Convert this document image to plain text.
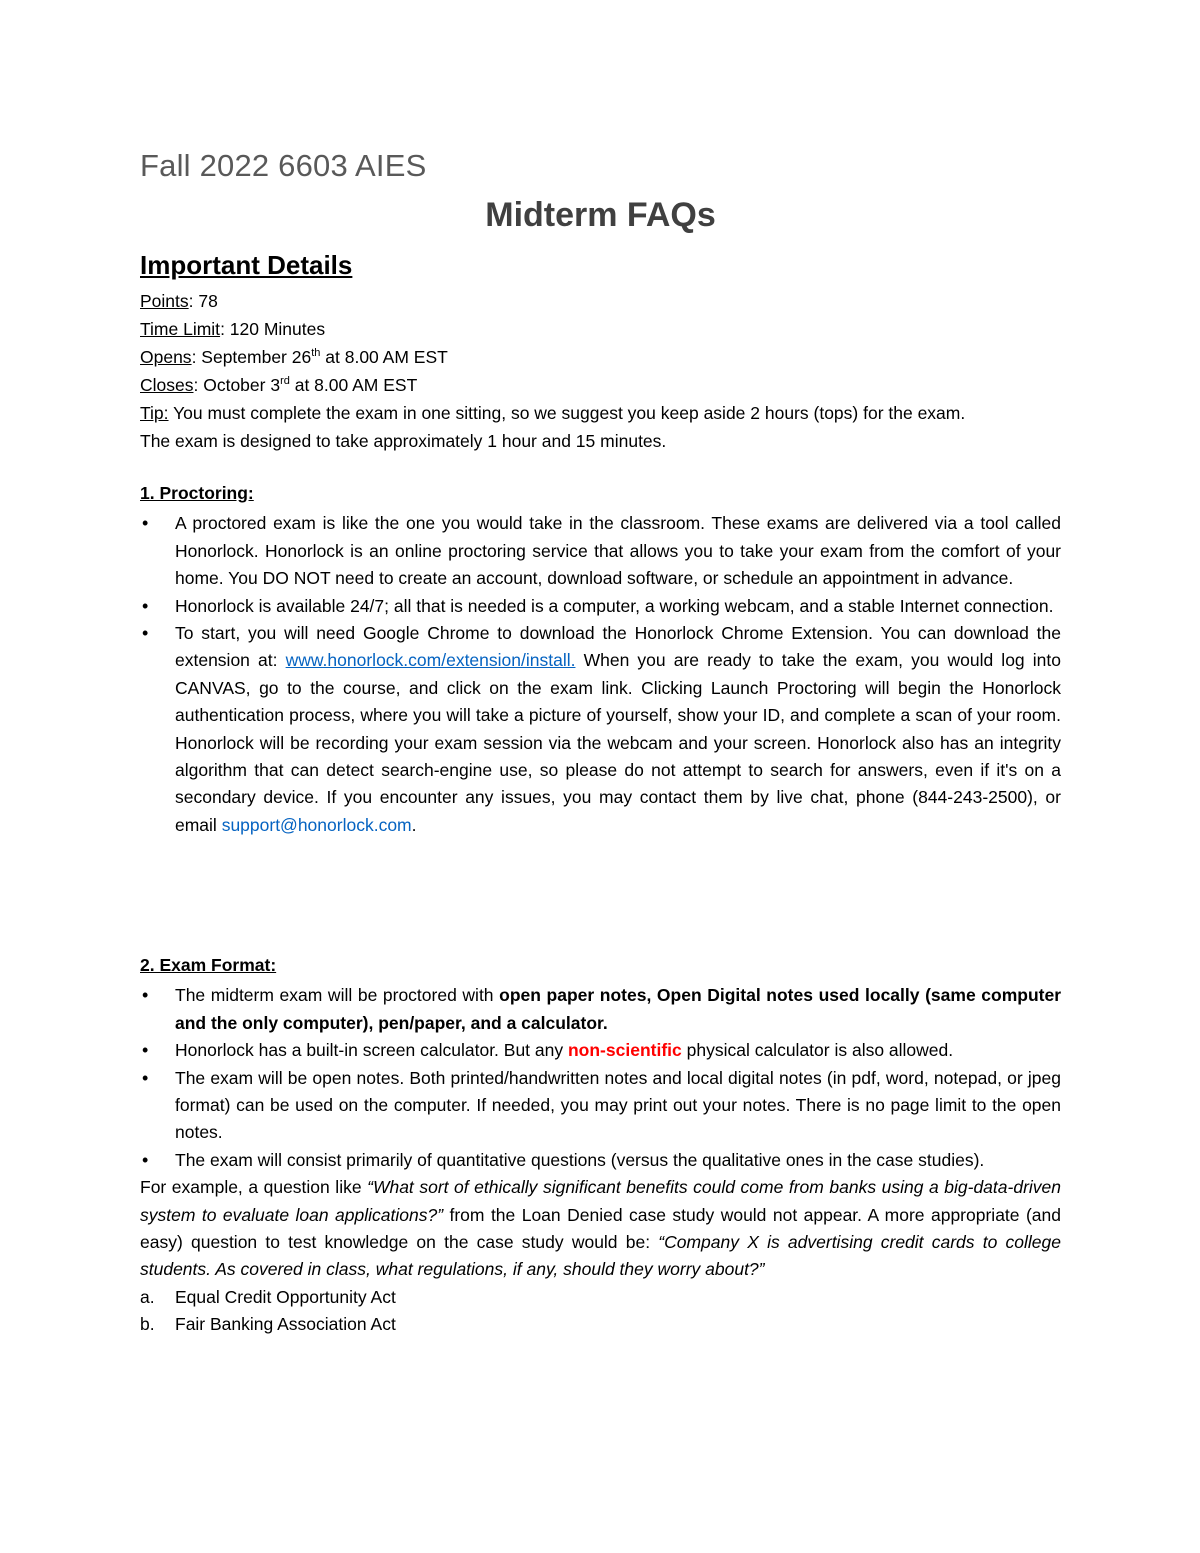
Fall 2022 6603 AIES
Midterm FAQs
Important Details
Points: 78
Time Limit: 120 Minutes
Opens: September 26th at 8.00 AM EST
Closes: October 3rd at 8.00 AM EST
Tip: You must complete the exam in one sitting, so we suggest you keep aside 2 hours (tops) for the exam.
The exam is designed to take approximately 1 hour and 15 minutes.
1. Proctoring:
• A proctored exam is like the one you would take in the classroom. These exams are delivered via a tool called Honorlock. Honorlock is an online proctoring service that allows you to take your exam from the comfort of your home. You DO NOT need to create an account, download software, or schedule an appointment in advance.
• Honorlock is available 24/7; all that is needed is a computer, a working webcam, and a stable Internet connection.
• To start, you will need Google Chrome to download the Honorlock Chrome Extension. You can download the extension at: www.honorlock.com/extension/install. When you are ready to take the exam, you would log into CANVAS, go to the course, and click on the exam link. Clicking Launch Proctoring will begin the Honorlock authentication process, where you will take a picture of yourself, show your ID, and complete a scan of your room. Honorlock will be recording your exam session via the webcam and your screen. Honorlock also has an integrity algorithm that can detect search-engine use, so please do not attempt to search for answers, even if it's on a secondary device. If you encounter any issues, you may contact them by live chat, phone (844-243-2500), or email support@honorlock.com.
2. Exam Format:
• The midterm exam will be proctored with open paper notes, Open Digital notes used locally (same computer and the only computer), pen/paper, and a calculator.
• Honorlock has a built-in screen calculator. But any non-scientific physical calculator is also allowed.
• The exam will be open notes. Both printed/handwritten notes and local digital notes (in pdf, word, notepad, or jpeg format) can be used on the computer. If needed, you may print out your notes. There is no page limit to the open notes.
• The exam will consist primarily of quantitative questions (versus the qualitative ones in the case studies).
For example, a question like “What sort of ethically significant benefits could come from banks using a big-data-driven system to evaluate loan applications?” from the Loan Denied case study would not appear. A more appropriate (and easy) question to test knowledge on the case study would be: “Company X is advertising credit cards to college students. As covered in class, what regulations, if any, should they worry about?”
a. Equal Credit Opportunity Act
b. Fair Banking Association Act
